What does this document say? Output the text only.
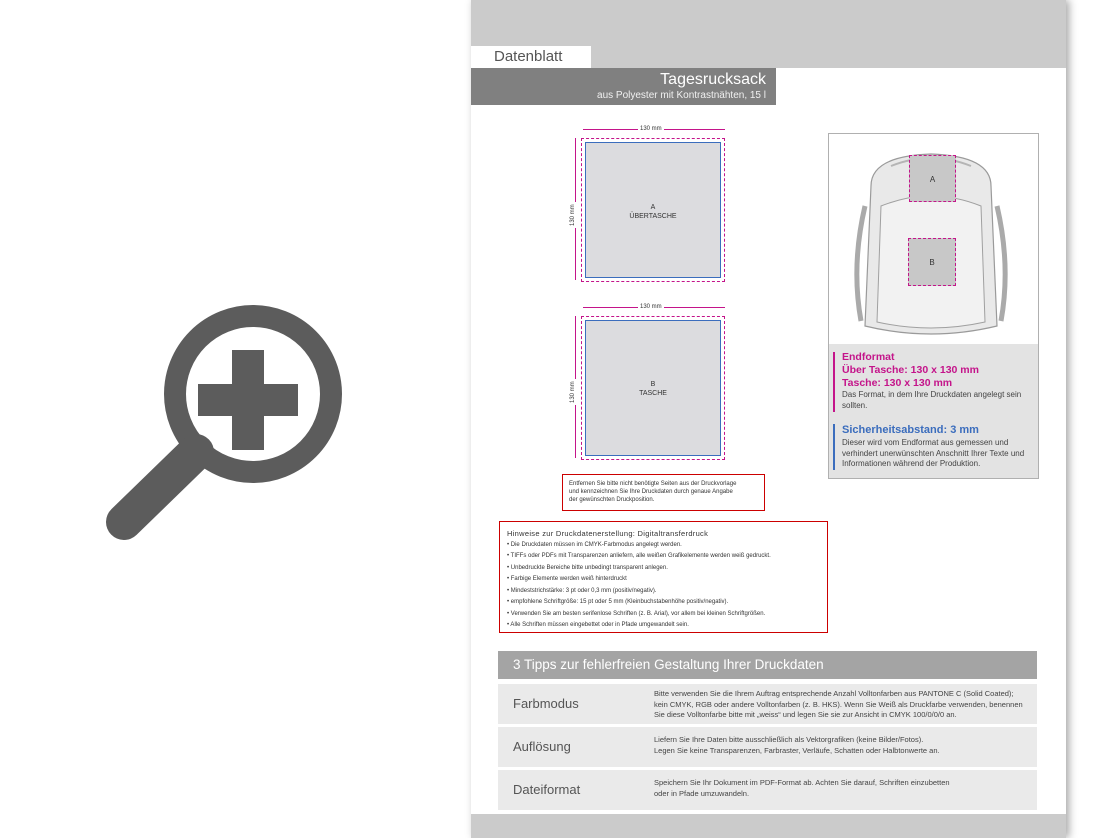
Datenblatt
Tagesrucksack
aus Polyester mit Kontrastnähten, 15 l
130 mm
130 mm	A
ÜBERTASCHE
130 mm
130 mm	B
TASCHE
Entfernen Sie bitte nicht benötigte Seiten aus der Druckvorlage
und kennzeichnen Sie Ihre Druckdaten durch genaue Angabe
der gewünschten Druckposition.
Hinweise zur Druckdatenerstellung: Digitaltransferdruck
• Die Druckdaten müssen im CMYK-Farbmodus angelegt werden.
• TIFFs oder PDFs mit Transparenzen anliefern, alle weißen Grafikelemente werden weiß gedruckt.
• Unbedruckte Bereiche bitte unbedingt transparent anlegen.
• Farbige Elemente werden weiß hinterdruckt
• Mindeststrichstärke: 3 pt oder 0,3 mm (positiv/negativ).
• empfohlene Schriftgröße: 15 pt oder 5 mm (Kleinbuchstabenhöhe positiv/negativ).
• Verwenden Sie am besten serifenlose Schriften (z. B. Arial), vor allem bei kleinen Schriftgrößen.
• Alle Schriften müssen eingebettet oder in Pfade umgewandelt sein.
A
B
Endformat
Über Tasche: 130 x 130 mm
Tasche: 130 x 130 mm
Das Format, in dem Ihre Druckdaten angelegt sein sollten.
Sicherheitsabstand: 3 mm
Dieser wird vom Endformat aus gemessen und verhindert unerwünschten Anschnitt Ihrer Texte und Informationen während der Produktion.
3 Tipps zur fehlerfreien Gestaltung Ihrer Druckdaten
Farbmodus
Bitte verwenden Sie die Ihrem Auftrag entsprechende Anzahl Volltonfarben aus PANTONE C (Solid Coated);
kein CMYK, RGB oder andere Volltonfarben (z. B. HKS). Wenn Sie Weiß als Druckfarbe verwenden, benennen
Sie diese Volltonfarbe bitte mit „weiss“ und legen Sie sie zur Ansicht in CMYK 100/0/0/0 an.
Auflösung	Liefern Sie Ihre Daten bitte ausschließlich als Vektorgrafiken (keine Bilder/Fotos).
Legen Sie keine Transparenzen, Farbraster, Verläufe, Schatten oder Halbtonwerte an.
Dateiformat	Speichern Sie Ihr Dokument im PDF-Format ab. Achten Sie darauf, Schriften einzubetten
oder in Pfade umzuwandeln.
